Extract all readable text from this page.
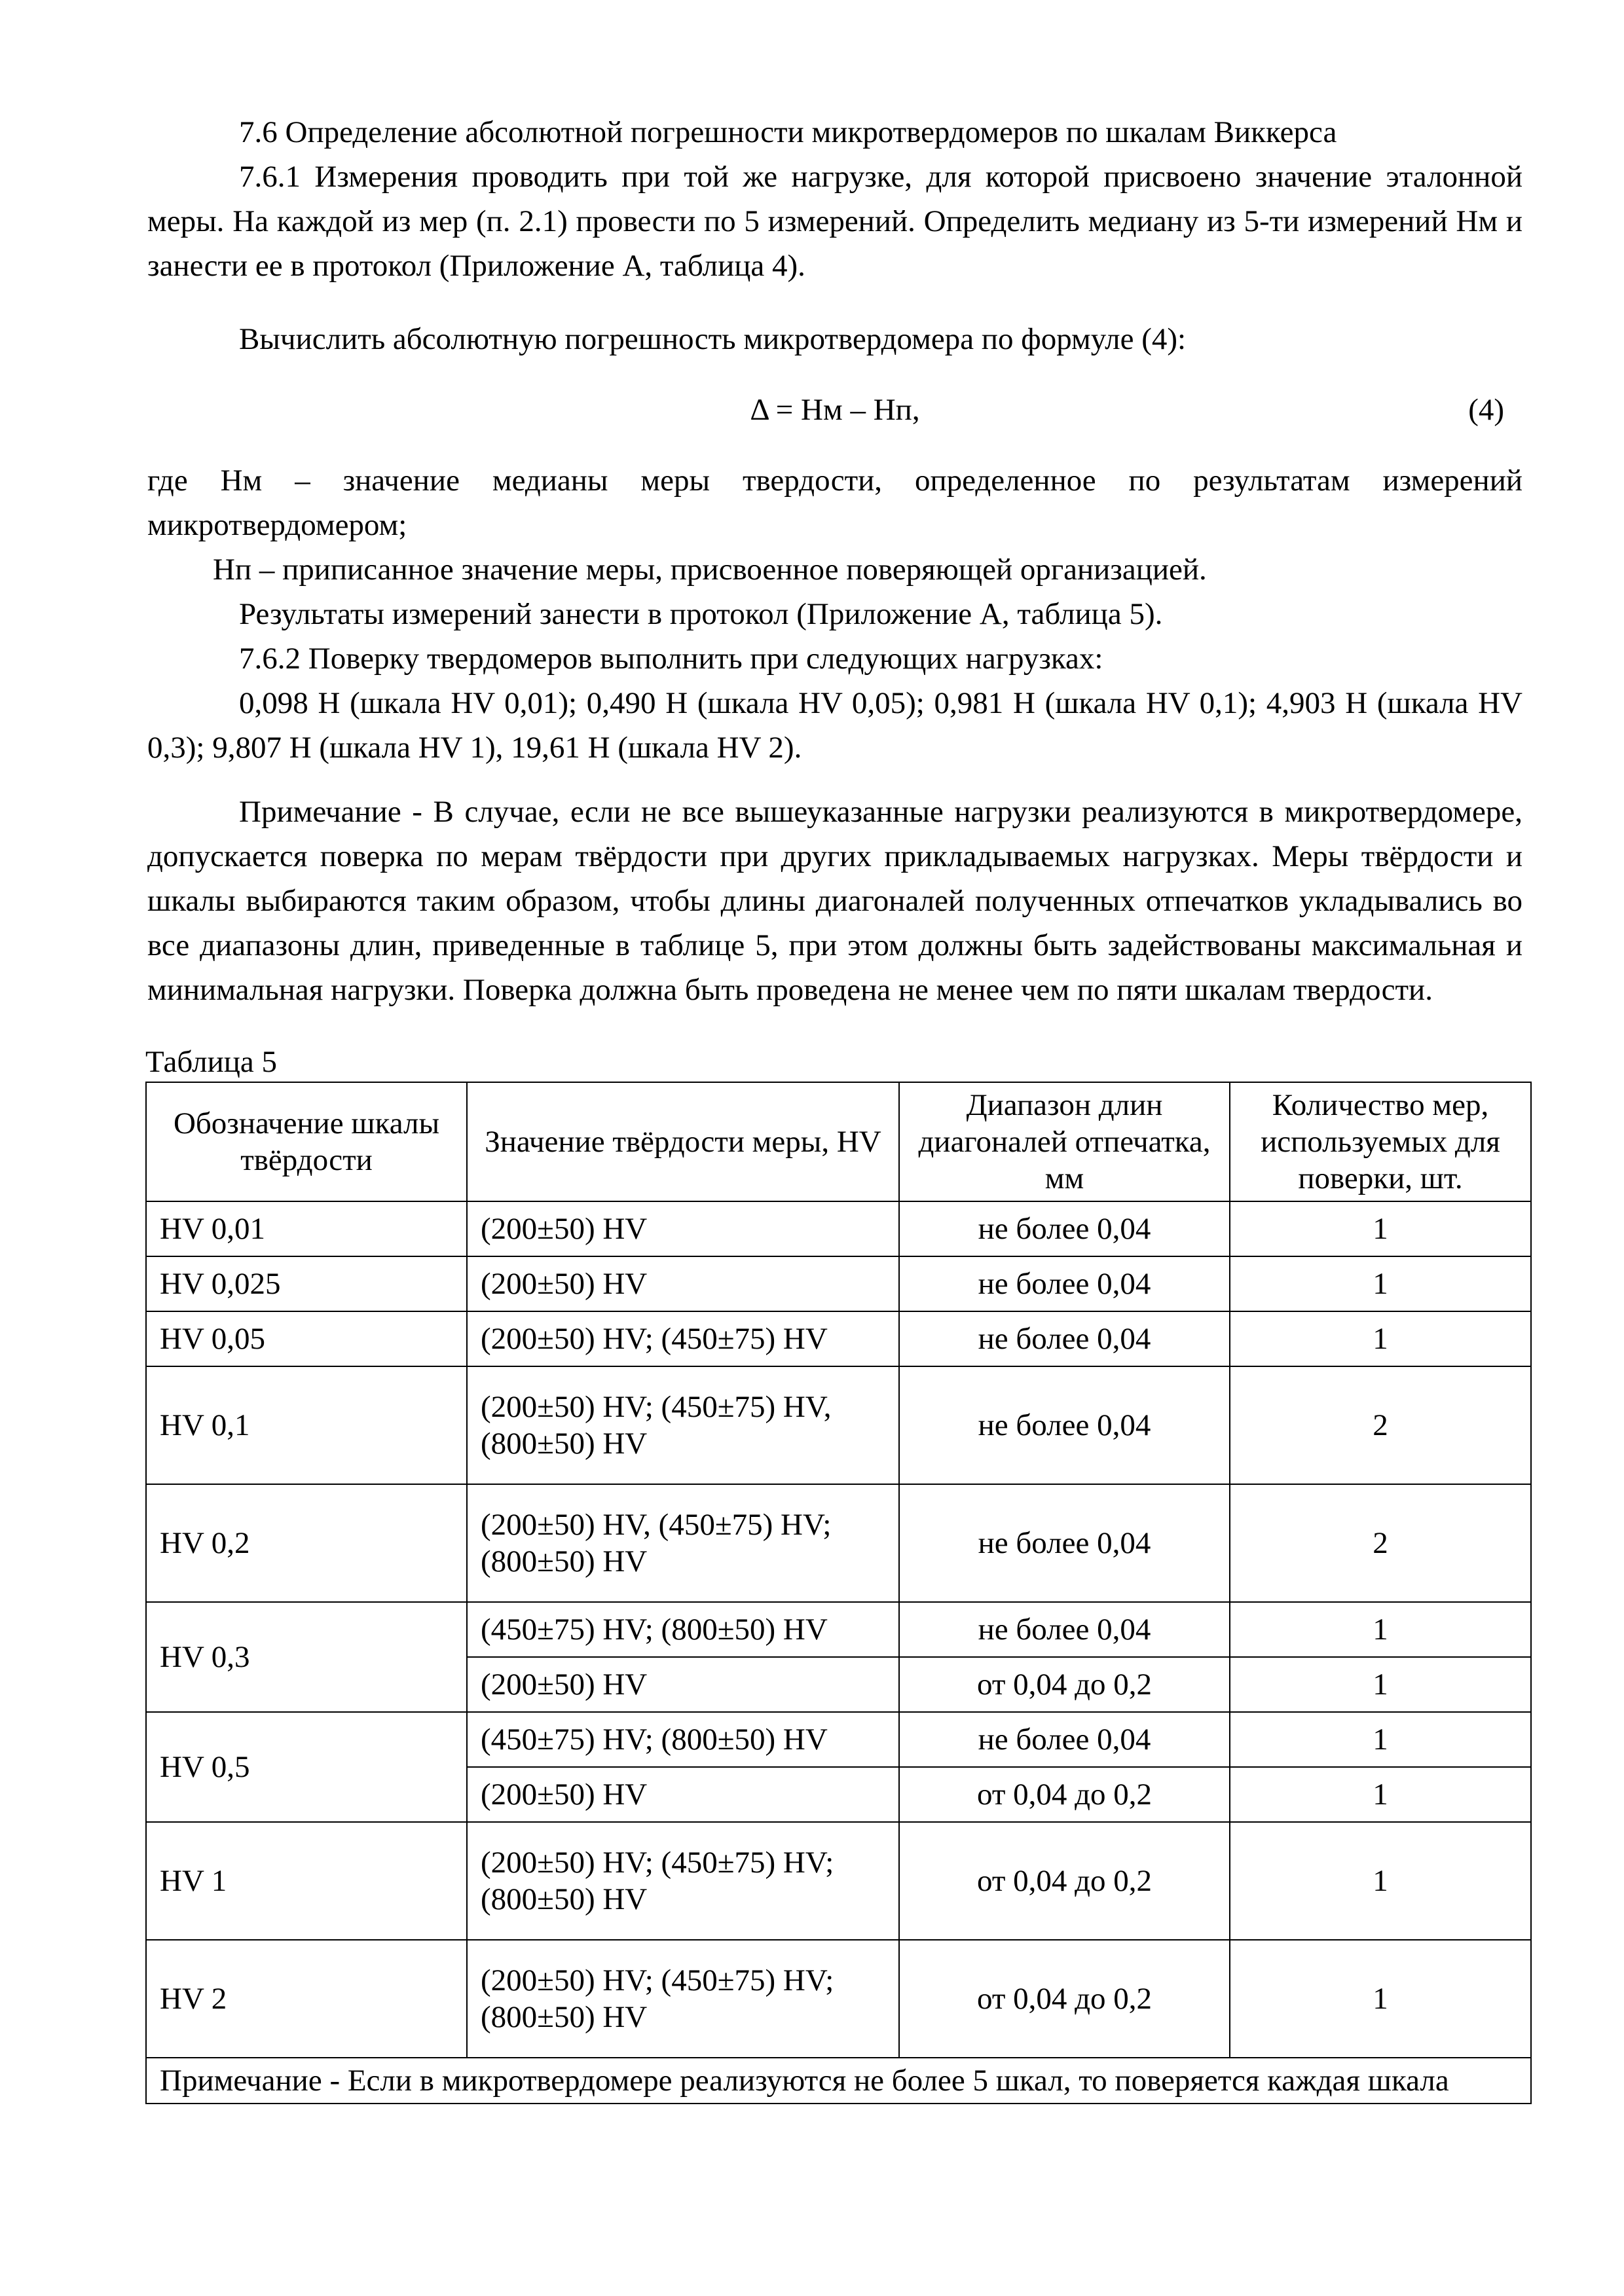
7.6 Определение абсолютной погрешности микротвердомеров по шкалам Виккерса

7.6.1 Измерения проводить при той же нагрузке, для которой присвоено значение эталонной меры. На каждой из мер (п. 2.1) провести по 5 измерений. Определить медиану из 5-ти измерений Hм и занести ее в протокол (Приложение А, таблица 4).

Вычислить абсолютную погрешность микротвердомера по формуле (4):

Δ = Нм – Нп,	(4)

где Нм – значение медианы меры твердости, определенное по результатам измерений микротвердомером;

Нп – приписанное значение меры, присвоенное поверяющей организацией.

Результаты измерений занести в протокол (Приложение А, таблица 5).

7.6.2 Поверку твердомеров выполнить при следующих нагрузках:

0,098 Н (шкала HV 0,01); 0,490 Н (шкала HV 0,05); 0,981 Н (шкала HV 0,1); 4,903 Н (шкала HV 0,3); 9,807 Н (шкала HV 1), 19,61 Н (шкала HV 2).

Примечание - В случае, если не все вышеуказанные нагрузки реализуются в микротвердомере, допускается поверка по мерам твёрдости при других прикладываемых нагрузках. Меры твёрдости и шкалы выбираются таким образом, чтобы длины диагоналей полученных отпечатков укладывались во все диапазоны длин, приведенные в таблице 5, при этом должны быть задействованы максимальная и минимальная нагрузки. Поверка должна быть проведена не менее чем по пяти шкалам твердости.

Таблица 5
Обозначение шкалы твёрдости	Значение твёрдости меры, HV	Диапазон длин диагоналей отпечатка, мм	Количество мер, используемых для поверки, шт.
HV 0,01	(200±50) HV	не более 0,04	1
HV 0,025	(200±50) HV	не более 0,04	1
HV 0,05	(200±50) HV; (450±75) HV	не более 0,04	1
HV 0,1	(200±50) HV; (450±75) HV, (800±50) HV	не более 0,04	2
HV 0,2	(200±50) HV, (450±75) HV; (800±50) HV	не более 0,04	2
HV 0,3	(450±75) HV; (800±50) HV	не более 0,04	1
	(200±50) HV	от 0,04 до 0,2	1
HV 0,5	(450±75) HV; (800±50) HV	не более 0,04	1
	(200±50) HV	от 0,04 до 0,2	1
HV 1	(200±50) HV; (450±75) HV; (800±50) HV	от 0,04 до 0,2	1
HV 2	(200±50) HV; (450±75) HV; (800±50) HV	от 0,04 до 0,2	1
Примечание - Если в микротвердомере реализуются не более 5 шкал, то поверяется каждая шкала			
